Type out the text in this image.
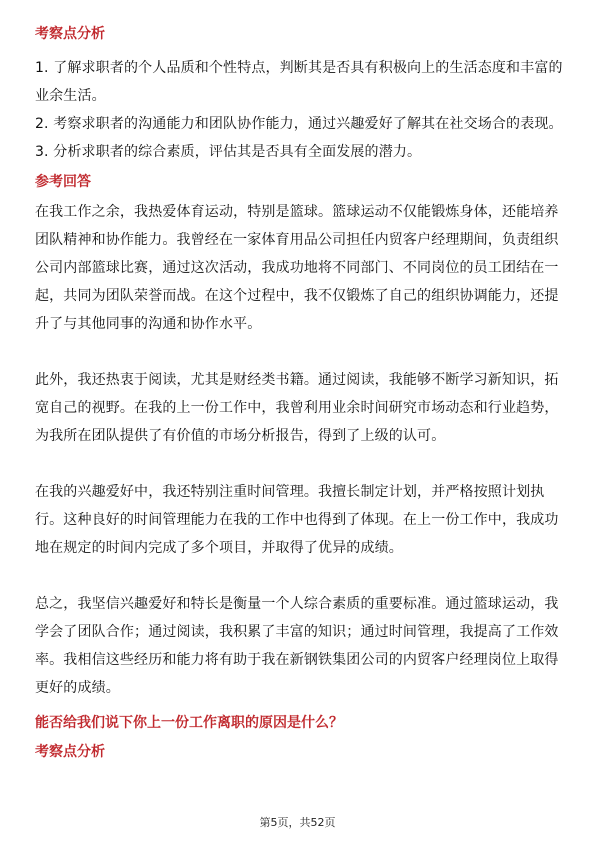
考察点分析
1. 了解求职者的个人品质和个性特点，判断其是否具有积极向上的生活态度和丰富的业余生活。
2. 考察求职者的沟通能力和团队协作能力，通过兴趣爱好了解其在社交场合的表现。
3. 分析求职者的综合素质，评估其是否具有全面发展的潜力。
参考回答
在我工作之余，我热爱体育运动，特别是篮球。篮球运动不仅能锻炼身体，还能培养团队精神和协作能力。我曾经在一家体育用品公司担任内贸客户经理期间，负责组织公司内部篮球比赛，通过这次活动，我成功地将不同部门、不同岗位的员工团结在一起，共同为团队荣誉而战。在这个过程中，我不仅锻炼了自己的组织协调能力，还提升了与其他同事的沟通和协作水平。
此外，我还热衷于阅读，尤其是财经类书籍。通过阅读，我能够不断学习新知识，拓宽自己的视野。在我的上一份工作中，我曾利用业余时间研究市场动态和行业趋势，为我所在团队提供了有价值的市场分析报告，得到了上级的认可。
在我的兴趣爱好中，我还特别注重时间管理。我擅长制定计划，并严格按照计划执行。这种良好的时间管理能力在我的工作中也得到了体现。在上一份工作中，我成功地在规定的时间内完成了多个项目，并取得了优异的成绩。
总之，我坚信兴趣爱好和特长是衡量一个人综合素质的重要标准。通过篮球运动，我学会了团队合作；通过阅读，我积累了丰富的知识；通过时间管理，我提高了工作效率。我相信这些经历和能力将有助于我在新钢铁集团公司的内贸客户经理岗位上取得更好的成绩。
能否给我们说下你上一份工作离职的原因是什么？
考察点分析
第5页，共52页
